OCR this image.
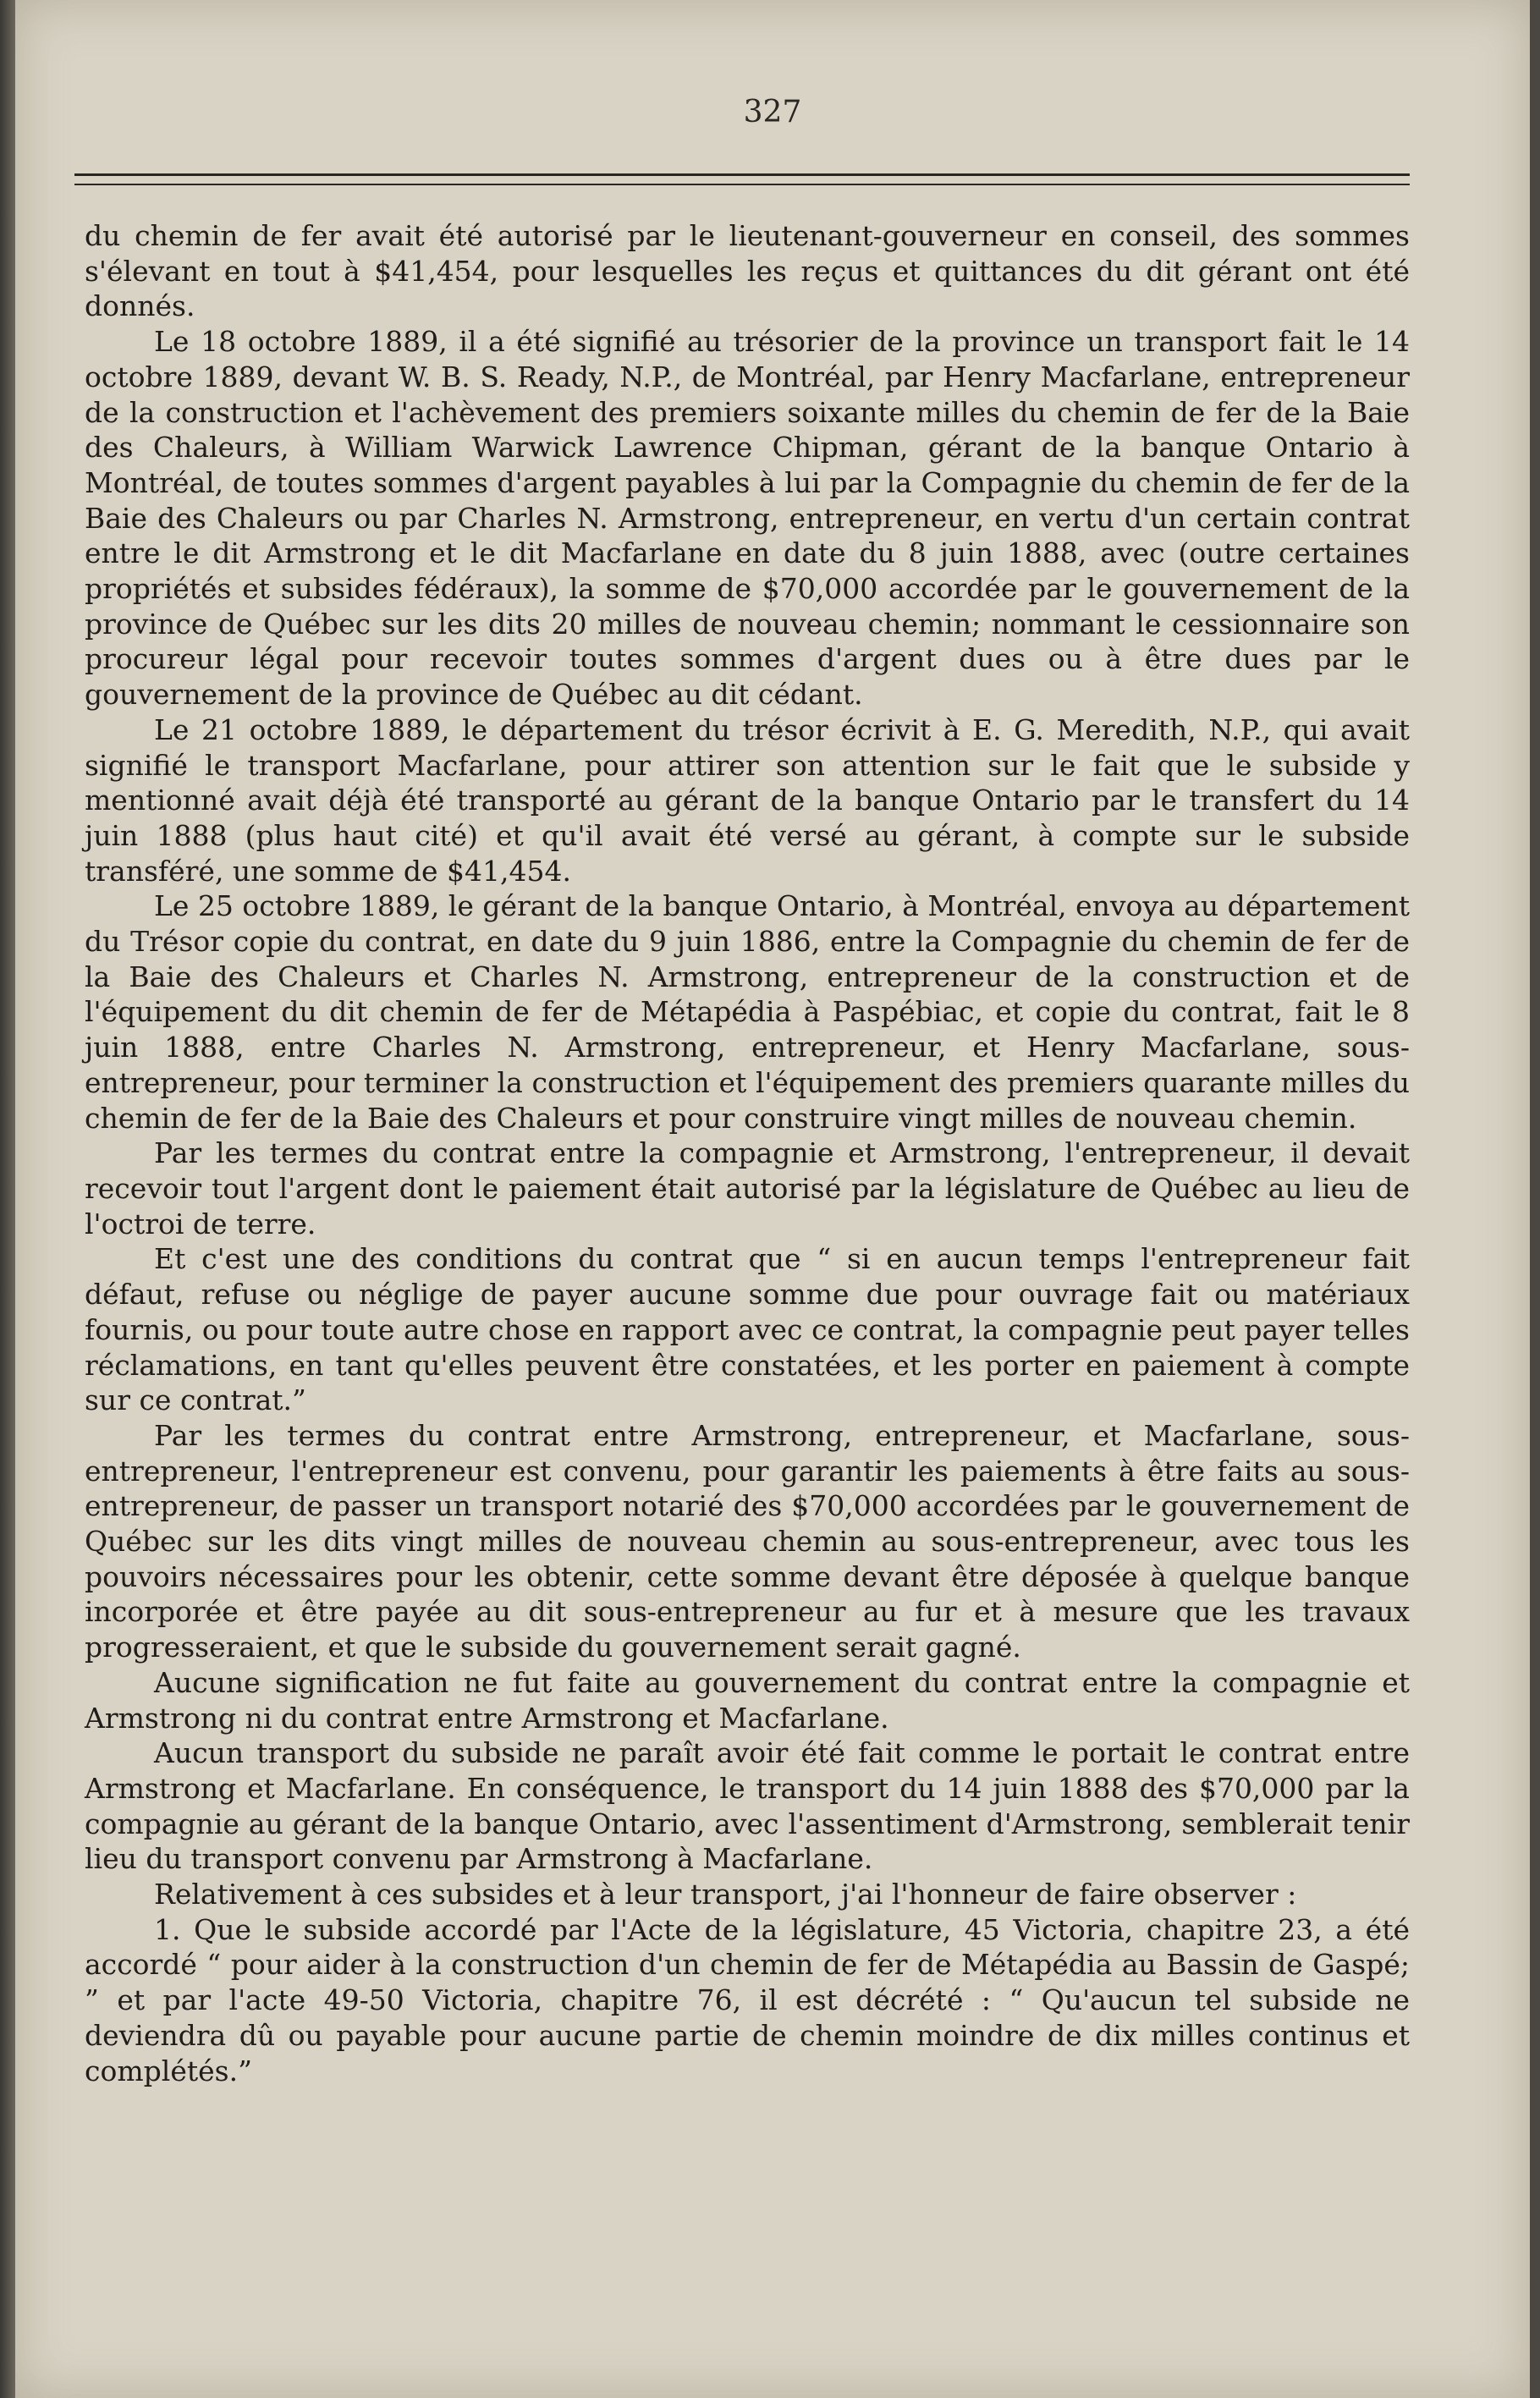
327

du chemin de fer avait été autorisé par le lieutenant-gouverneur en conseil, des sommes s'élevant en tout à $41,454, pour lesquelles les reçus et quittances du dit gérant ont été donnés.

Le 18 octobre 1889, il a été signifié au trésorier de la province un transport fait le 14 octobre 1889, devant W. B. S. Ready, N.P., de Montréal, par Henry Macfarlane, entrepreneur de la construction et l'achèvement des premiers soixante milles du chemin de fer de la Baie des Chaleurs, à William Warwick Lawrence Chipman, gérant de la banque Ontario à Montréal, de toutes sommes d'argent payables à lui par la Compagnie du chemin de fer de la Baie des Chaleurs ou par Charles N. Armstrong, entrepreneur, en vertu d'un certain contrat entre le dit Armstrong et le dit Macfarlane en date du 8 juin 1888, avec (outre certaines propriétés et subsides fédéraux), la somme de $70,000 accordée par le gouvernement de la province de Québec sur les dits 20 milles de nouveau chemin; nommant le cessionnaire son procureur légal pour recevoir toutes sommes d'argent dues ou à être dues par le gouvernement de la province de Québec au dit cédant.

Le 21 octobre 1889, le département du trésor écrivit à E. G. Meredith, N.P., qui avait signifié le transport Macfarlane, pour attirer son attention sur le fait que le subside y mentionné avait déjà été transporté au gérant de la banque Ontario par le transfert du 14 juin 1888 (plus haut cité) et qu'il avait été versé au gérant, à compte sur le subside transféré, une somme de $41,454.

Le 25 octobre 1889, le gérant de la banque Ontario, à Montréal, envoya au département du Trésor copie du contrat, en date du 9 juin 1886, entre la Compagnie du chemin de fer de la Baie des Chaleurs et Charles N. Armstrong, entrepreneur de la construction et de l'équipement du dit chemin de fer de Métapédia à Paspébiac, et copie du contrat, fait le 8 juin 1888, entre Charles N. Armstrong, entrepreneur, et Henry Macfarlane, sous-entrepreneur, pour terminer la construction et l'équipement des premiers quarante milles du chemin de fer de la Baie des Chaleurs et pour construire vingt milles de nouveau chemin.

Par les termes du contrat entre la compagnie et Armstrong, l'entrepreneur, il devait recevoir tout l'argent dont le paiement était autorisé par la législature de Québec au lieu de l'octroi de terre.

Et c'est une des conditions du contrat que “ si en aucun temps l'entrepreneur fait défaut, refuse ou néglige de payer aucune somme due pour ouvrage fait ou matériaux fournis, ou pour toute autre chose en rapport avec ce contrat, la compagnie peut payer telles réclamations, en tant qu'elles peuvent être constatées, et les porter en paiement à compte sur ce contrat.”

Par les termes du contrat entre Armstrong, entrepreneur, et Macfarlane, sous-entrepreneur, l'entrepreneur est convenu, pour garantir les paiements à être faits au sous-entrepreneur, de passer un transport notarié des $70,000 accordées par le gouvernement de Québec sur les dits vingt milles de nouveau chemin au sous-entrepreneur, avec tous les pouvoirs nécessaires pour les obtenir, cette somme devant être déposée à quelque banque incorporée et être payée au dit sous-entrepreneur au fur et à mesure que les travaux progresseraient, et que le subside du gouvernement serait gagné.

Aucune signification ne fut faite au gouvernement du contrat entre la compagnie et Armstrong ni du contrat entre Armstrong et Macfarlane.

Aucun transport du subside ne paraît avoir été fait comme le portait le contrat entre Armstrong et Macfarlane. En conséquence, le transport du 14 juin 1888 des $70,000 par la compagnie au gérant de la banque Ontario, avec l'assentiment d'Armstrong, semblerait tenir lieu du transport convenu par Armstrong à Macfarlane.

Relativement à ces subsides et à leur transport, j'ai l'honneur de faire observer :

1. Que le subside accordé par l'Acte de la législature, 45 Victoria, chapitre 23, a été accordé “ pour aider à la construction d'un chemin de fer de Métapédia au Bassin de Gaspé; ” et par l'acte 49-50 Victoria, chapitre 76, il est décrété : “ Qu'aucun tel subside ne deviendra dû ou payable pour aucune partie de chemin moindre de dix milles continus et complétés.”
